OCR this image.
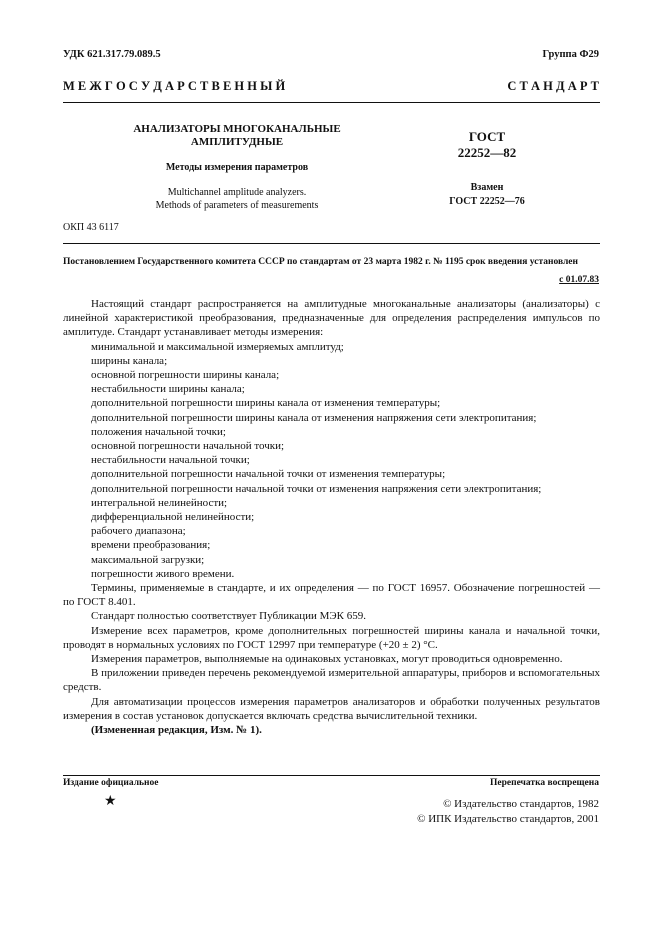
УДК 621.317.79.089.5	Группа Ф29
М Е Ж Г О С У Д А Р С Т В Е Н Н Ы Й	С Т А Н Д А Р Т
АНАЛИЗАТОРЫ МНОГОКАНАЛЬНЫЕ
АМПЛИТУДНЫЕ
Методы измерения параметров
Multichannel amplitude analyzers.
Methods of parameters of measurements
ГОСТ
22252—82
Взамен
ГОСТ 22252—76
ОКП 43 6117
Постановлением Государственного комитета СССР по стандартам от 23 марта 1982 г. № 1195 срок введения установлен
с 01.07.83

Настоящий стандарт распространяется на амплитудные многоканальные анализаторы (анализаторы) с линейной характеристикой преобразования, предназначенные для определения распределения импульсов по амплитуде. Стандарт устанавливает методы измерения:

минимальной и максимальной измеряемых амплитуд;

ширины канала;

основной погрешности ширины канала;

нестабильности ширины канала;

дополнительной погрешности ширины канала от изменения температуры;

дополнительной погрешности ширины канала от изменения напряжения сети электропитания;

положения начальной точки;

основной погрешности начальной точки;

нестабильности начальной точки;

дополнительной погрешности начальной точки от изменения температуры;

дополнительной погрешности начальной точки от изменения напряжения сети электропитания;

интегральной нелинейности;

дифференциальной нелинейности;

рабочего диапазона;

времени преобразования;

максимальной загрузки;

погрешности живого времени.

Термины, применяемые в стандарте, и их определения — по ГОСТ 16957. Обозначение погрешностей — по ГОСТ 8.401.

Стандарт полностью соответствует Публикации МЭК 659.

Измерение всех параметров, кроме дополнительных погрешностей ширины канала и начальной точки, проводят в нормальных условиях по ГОСТ 12997 при температуре (+20 ± 2) °С.

Измерения параметров, выполняемые на одинаковых установках, могут проводиться одновременно.

В приложении приведен перечень рекомендуемой измерительной аппаратуры, приборов и вспомогательных средств.

Для автоматизации процессов измерения параметров анализаторов и обработки полученных результатов измерения в состав установок допускается включать средства вычислительной техники.

(Измененная редакция, Изм. № 1).

Издание официальное	Перепечатка воспрещена
★	© Издательство стандартов, 1982
© ИПК Издательство стандартов, 2001
